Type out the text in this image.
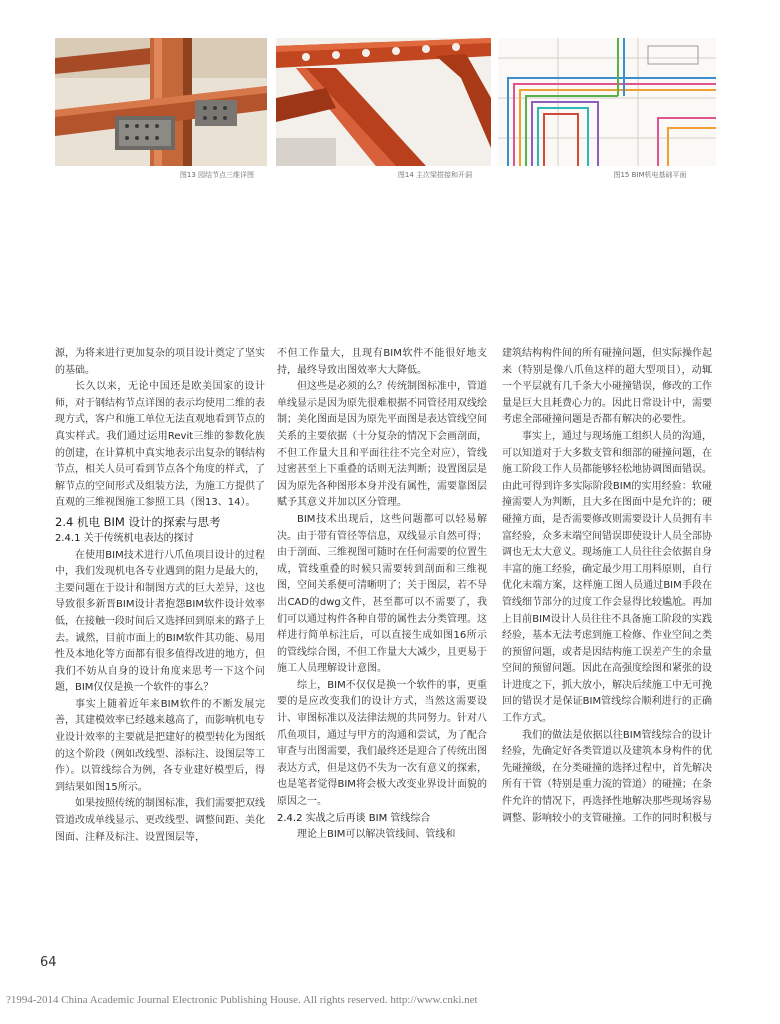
图13 园结节点三维详图	图14 主次梁搭接和开洞	图15 BIM机电基础平面

源，为将来进行更加复杂的项目设计奠定了坚实的基础。

长久以来，无论中国还是欧美国家的设计师，对于钢结构节点详图的表示均使用二维的表现方式，客户和施工单位无法直观地看到节点的真实样式。我们通过运用Revit三维的参数化族的创建，在计算机中真实地表示出复杂的钢结构节点，相关人员可看到节点各个角度的样式，了解节点的空间形式及组装方法，为施工方提供了直观的三维视图施工参照工具（图13、14）。

2.4 机电 BIM 设计的探索与思考
2.4.1 关于传统机电表达的探讨

在使用BIM技术进行八爪鱼项目设计的过程中，我们发现机电各专业遇到的阻力是最大的，主要问题在于设计和制图方式的巨大差异，这也导致很多新晋BIM设计者抱怨BIM软件设计效率低，在接触一段时间后又选择回到原来的路子上去。诚然，目前市面上的BIM软件其功能、易用性及本地化等方面都有很多值得改进的地方，但我们不妨从自身的设计角度来思考一下这个问题，BIM仅仅是换一个软件的事么？

事实上随着近年来BIM软件的不断发展完善，其建模效率已经越来越高了，而影响机电专业设计效率的主要就是把建好的模型转化为图纸的这个阶段（例如改线型、添标注、设图层等工作）。以管线综合为例，各专业建好模型后，得到结果如图15所示。

如果按照传统的制图标准，我们需要把双线管道改成单线显示、更改线型、调整间距、美化图面、注释及标注、设置图层等，

不但工作量大，且现有BIM软件不能很好地支持，最终导致出图效率大大降低。

但这些是必须的么？传统制图标准中，管道单线显示是因为原先很难根据不同管径用双线绘制；美化图面是因为原先平面图是表达管线空间关系的主要依据（十分复杂的情况下会画剖面，不但工作量大且和平面往往不完全对应），管线过密甚至上下重叠的话则无法判断；设置图层是因为原先各种图形本身并没有属性，需要靠图层赋予其意义并加以区分管理。

BIM技术出现后，这些问题都可以轻易解决。由于带有管径等信息，双线显示自然可得；由于剖面、三维视图可随时在任何需要的位置生成，管线重叠的时候只需要转到剖面和三维视图，空间关系便可清晰明了；关于图层，若不导出CAD的dwg文件，甚至都可以不需要了，我们可以通过构件各种自带的属性去分类管理。这样进行简单标注后，可以直接生成如图16所示的管线综合图，不但工作量大大减少，且更易于施工人员理解设计意图。

综上，BIM不仅仅是换一个软件的事，更重要的是应改变我们的设计方式，当然这需要设计、审图标准以及法律法规的共同努力。针对八爪鱼项目，通过与甲方的沟通和尝试，为了配合审查与出图需要，我们最终还是迎合了传统出图表达方式，但是这仍不失为一次有意义的探索，也是笔者觉得BIM将会极大改变业界设计面貌的原因之一。

2.4.2 实战之后再谈 BIM 管线综合

理论上BIM可以解决管线间、管线和

建筑结构构件间的所有碰撞问题，但实际操作起来（特别是像八爪鱼这样的超大型项目），动辄一个平层就有几千条大小碰撞错误，修改的工作量是巨大且耗费心力的。因此日常设计中，需要考虑全部碰撞问题是否都有解决的必要性。

事实上，通过与现场施工组织人员的沟通，可以知道对于大多数支管和细部的碰撞问题，在施工阶段工作人员都能够轻松地协调图面错误。由此可得到许多实际阶段BIM的实用经验：软碰撞需要人为判断，且大多在图面中是允许的；硬碰撞方面，是否需要修改则需要设计人员拥有丰富经验，众多末端空间错误即使设计人员全部协调也无太大意义。现场施工人员往往会依据自身丰富的施工经验，确定最少用工用料原则，自行优化末端方案，这样施工图人员通过BIM手段在管线细节部分的过度工作会显得比较尴尬。再加上目前BIM设计人员往往不具备施工阶段的实践经验，基本无法考虑到施工检修、作业空间之类的预留问题，或者是因结构施工误差产生的余量空间的预留问题。因此在高强度绘图和紧张的设计进度之下，抓大放小，解决后续施工中无可挽回的错误才是保证BIM管线综合顺利进行的正确工作方式。

我们的做法是依据以往BIM管线综合的设计经验，先确定好各类管道以及建筑本身构件的优先碰撞级，在分类碰撞的选择过程中，首先解决所有干管（特别是重力流的管道）的碰撞；在条件允许的情况下，再选择性地解决那些现场容易调整、影响较小的支管碰撞。工作的同时积极与

64
?1994-2014 China Academic Journal Electronic Publishing House. All rights reserved. http://www.cnki.net
